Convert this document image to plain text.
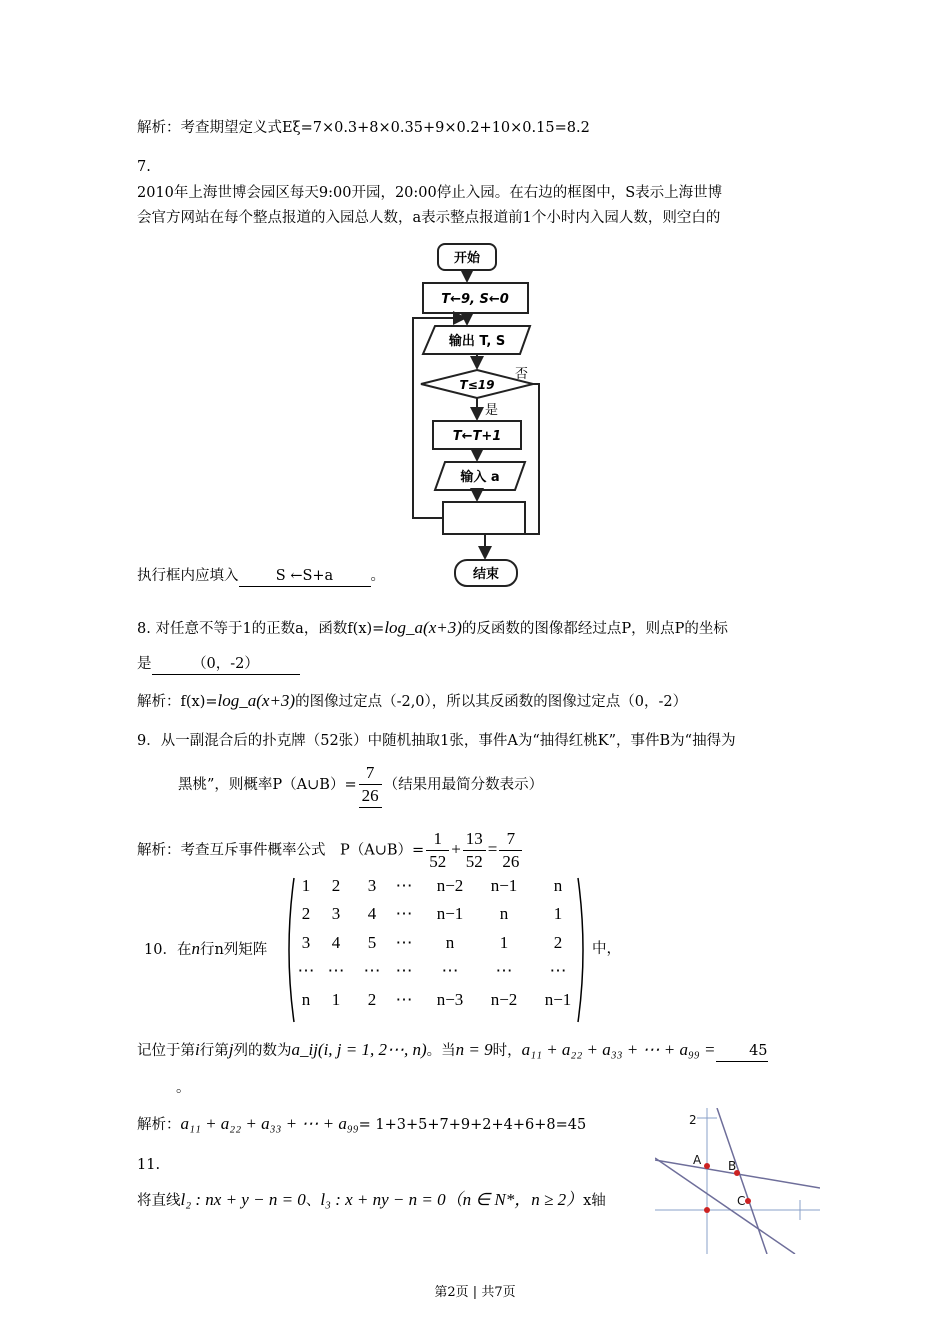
解析：考查期望定义式Eξ=7×0.3+8×0.35+9×0.2+10×0.15=8.2
7.
2010年上海世博会园区每天9:00开园，20:00停止入园。在右边的框图中，S表示上海世博
会官方网站在每个整点报道的入园总人数，a表示整点报道前1个小时内入园人数，则空白的
开始
T←9, S←0
输出 T, S
T≤19
T←T+1
输入 a
结束
否
是
执行框内应填入	S ←S+a	。
8. 对任意不等于1的正数a，函数f(x)=log_a(x+3)的反函数的图像都经过点P，则点P的坐标
是	（0，-2）
解析：f(x)=log_a(x+3)的图像过定点（-2,0），所以其反函数的图像过定点（0，-2）
9．从一副混合后的扑克牌（52张）中随机抽取1张，事件A为“抽得红桃K”，事件B为“抽得为
黑桃”，则概率P（A∪B）= $\frac{7}{26}$ （结果用最简分数表示）
解析：考查互斥事件概率公式　P（A∪B）= $\frac{1}{52} + \frac{13}{52} = \frac{7}{26}$
10．在n行n列矩阵
1 2 3 ⋯ n−2 n−1 n
2 3 4 ⋯ n−1 n	1
3 4 5 ⋯ n	1	2
⋯ ⋯ ⋯ ⋯ ⋯ ⋯ ⋯
n 1 2 ⋯ n−3 n−2 n−1
中，
记位于第i行第j列的数为a_ij(i, j = 1, 2⋯, n)。当n = 9时，a₁₁ + a₂₂ + a₃₃ + ⋯ + a₉₉ = 45
。
解析：a₁₁ + a₂₂ + a₃₃ + ⋯ + a₉₉= 1+3+5+7+9+2+4+6+8=45
11.
将直线l₂ : nx + y − n = 0、l₃ : x + ny − n = 0（n ∈ N*，n ≥ 2）x轴
2
A B
C
第2页 | 共7页
